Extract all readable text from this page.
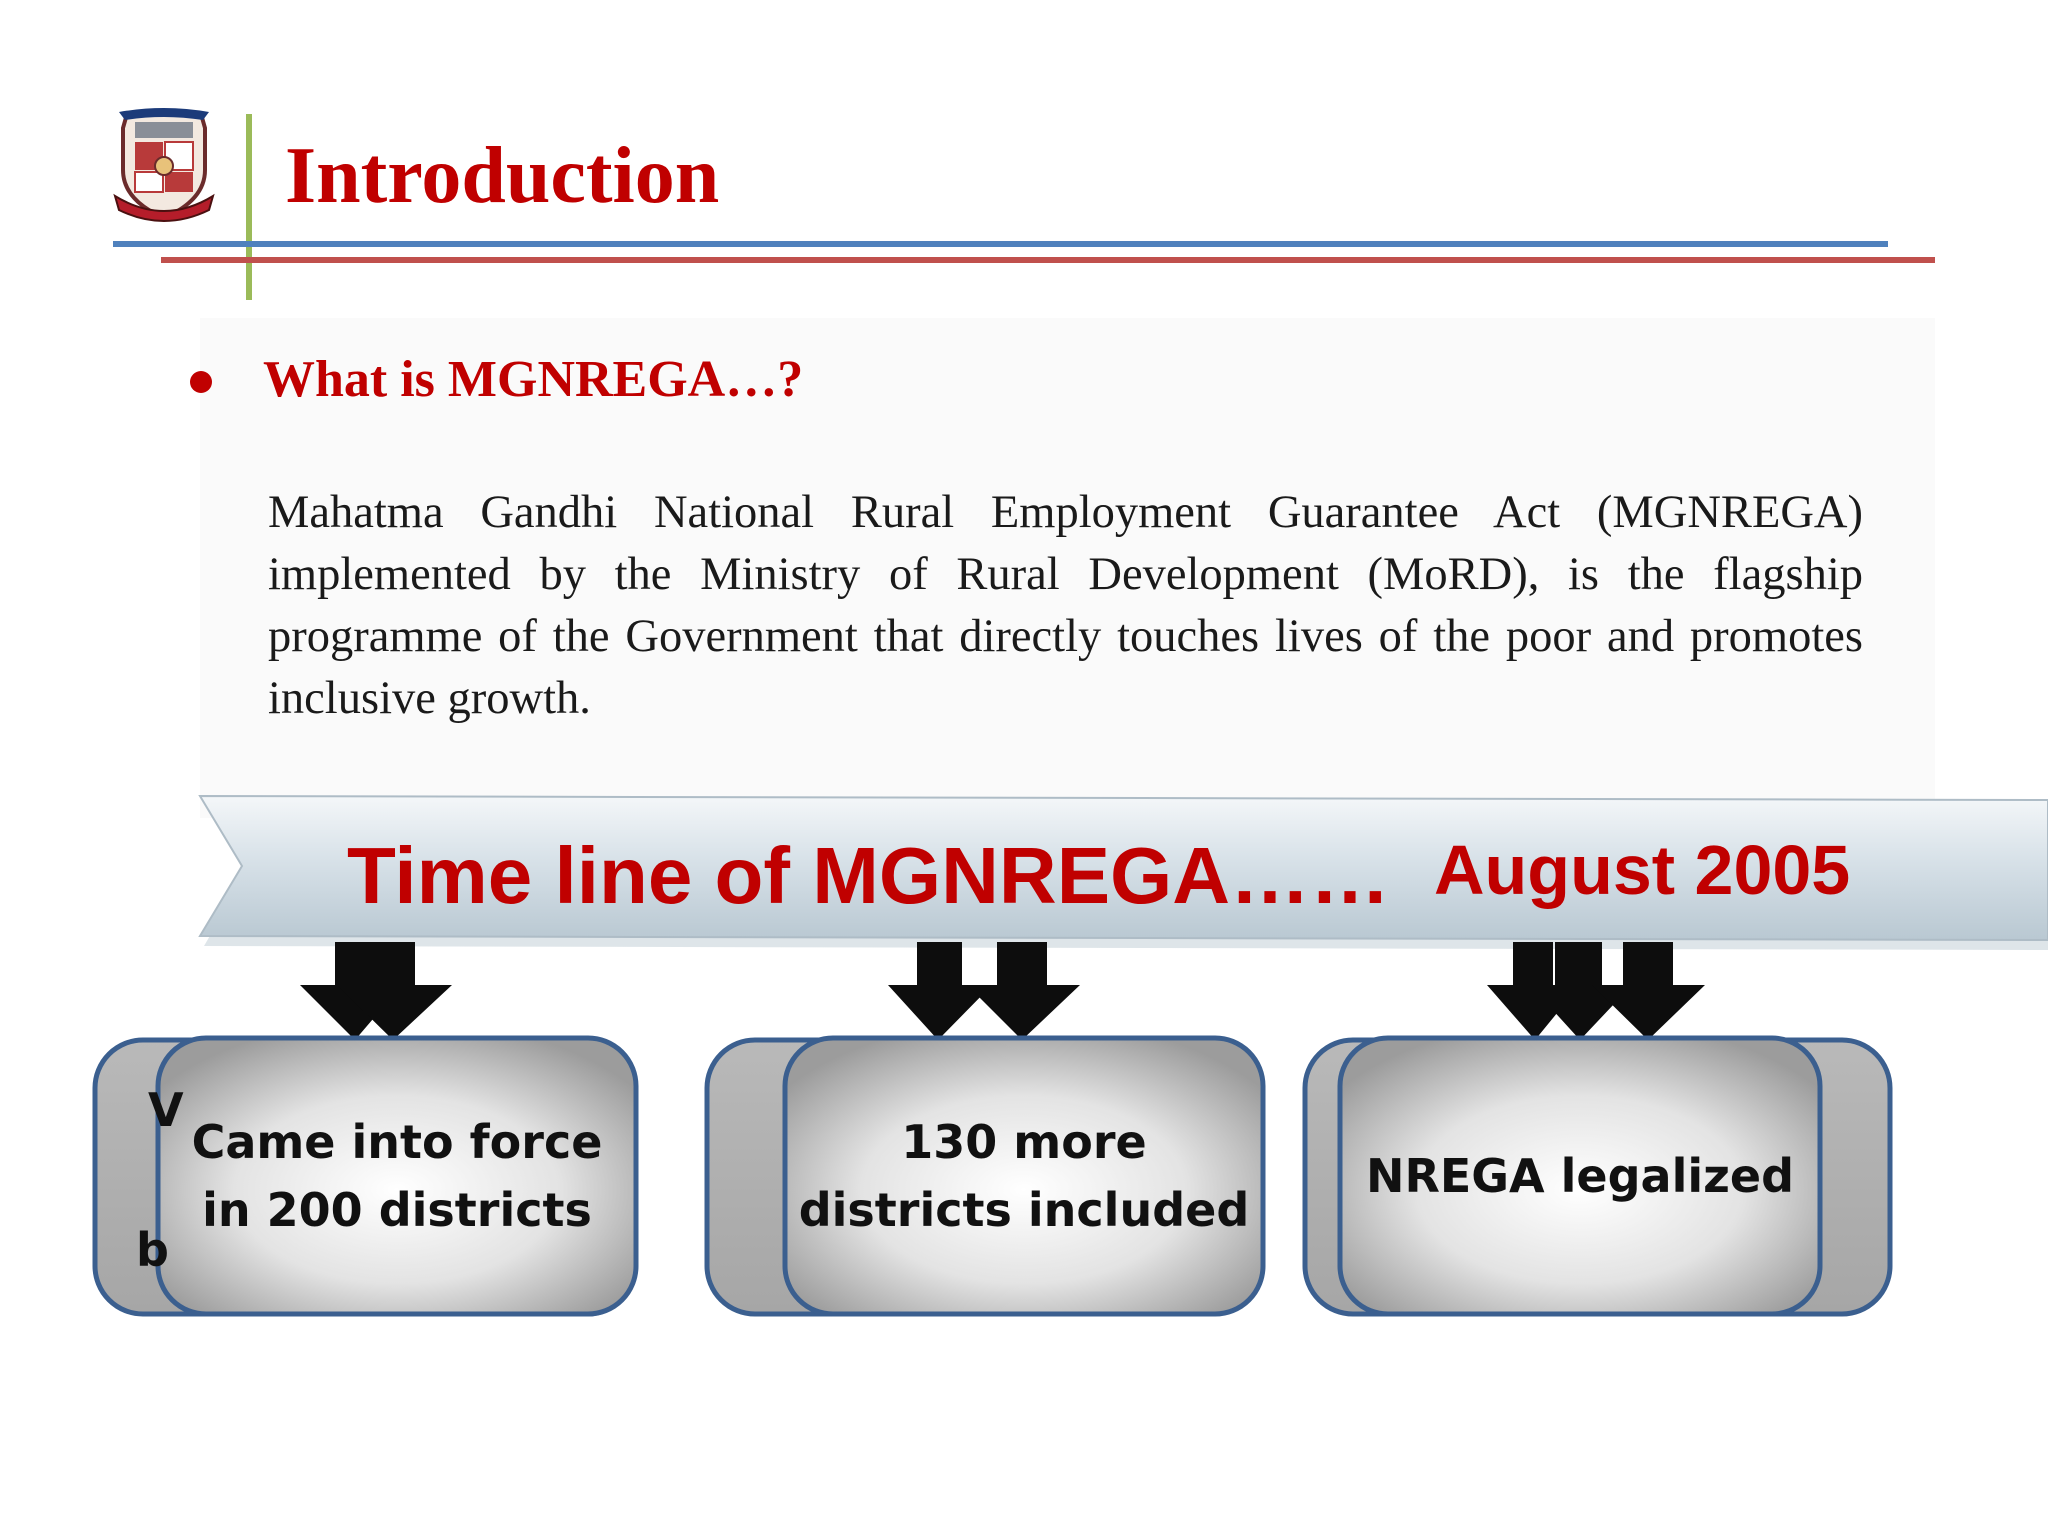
Introduction
What is MGNREGA…?

Mahatma Gandhi National Rural Employment Guarantee Act (MGNREGA) implemented by the Ministry of Rural Development (MoRD), is the flagship programme of the Government that directly touches lives of the poor and promotes inclusive growth.

Time line of MGNREGA…… August 2005
V
b
Came into force
in 200 districts
130 more
districts included
NREGA legalized
